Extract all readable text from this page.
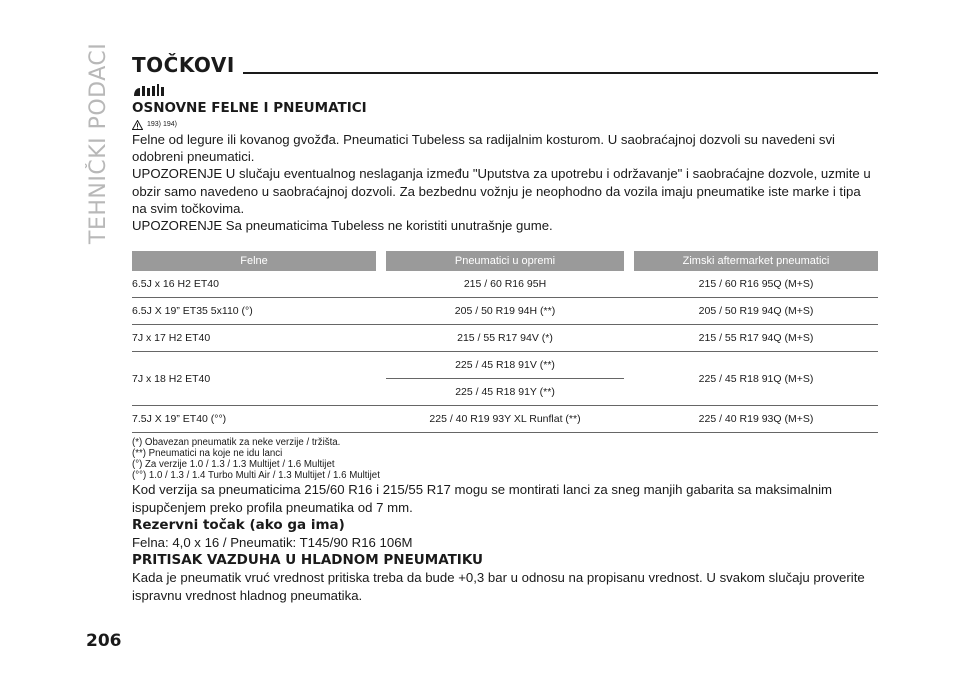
TEHNIČKI PODACI TOČKOVI
OSNOVNE FELNE I PNEUMATICI
193) 194)

Felne od legure ili kovanog gvožđa. Pneumatici Tubeless sa radijalnim kosturom. U saobraćajnoj dozvoli su navedeni svi odobreni pneumatici.

UPOZORENJE U slučaju eventualnog neslaganja između "Uputstva za upotrebu i održavanje" i saobraćajne dozvole, uzmite u obzir samo navedeno u saobraćajnoj dozvoli. Za bezbednu vožnju je neophodno da vozila imaju pneumatike iste marke i tipa na svim točkovima.

UPOZORENJE Sa pneumaticima Tubeless ne koristiti unutrašnje gume.

Felne		Pneumatici u opremi		Zimski aftermarket pneumatici
6.5J x 16 H2 ET40		215 / 60 R16 95H		215 / 60 R16 95Q (M+S)
6.5J X 19” ET35 5x110 (°)		205 / 50 R19 94H (**)		205 / 50 R19 94Q (M+S)
7J x 17 H2 ET40		215 / 55 R17 94V (*)		215 / 55 R17 94Q (M+S)
7J x 18 H2 ET40		225 / 45 R18 91V (**)		225 / 45 R18 91Q (M+S)
		225 / 45 R18 91Y (**)		
7.5J X 19” ET40 (°°)		225 / 40 R19 93Y XL Runflat (**)		225 / 40 R19 93Q (M+S)
(*) Obavezan pneumatik za neke verzije / tržišta.
(**) Pneumatici na koje ne idu lanci
(°) Za verzije 1.0 / 1.3 / 1.3 Multijet / 1.6 Multijet
(°°) 1.0 / 1.3 / 1.4 Turbo Multi Air / 1.3 Multijet / 1.6 Multijet

Kod verzija sa pneumaticima 215/60 R16 i 215/55 R17 mogu se montirati lanci za sneg manjih gabarita sa maksimalnim ispupčenjem preko profila pneumatika od 7 mm.

Rezervni točak (ako ga ima)

Felna: 4,0 x 16 / Pneumatik: T145/90 R16 106M

PRITISAK VAZDUHA U HLADNOM PNEUMATIKU

Kada je pneumatik vruć vrednost pritiska treba da bude +0,3 bar u odnosu na propisanu vrednost. U svakom slučaju proverite ispravnu vrednost hladnog pneumatika.

206
